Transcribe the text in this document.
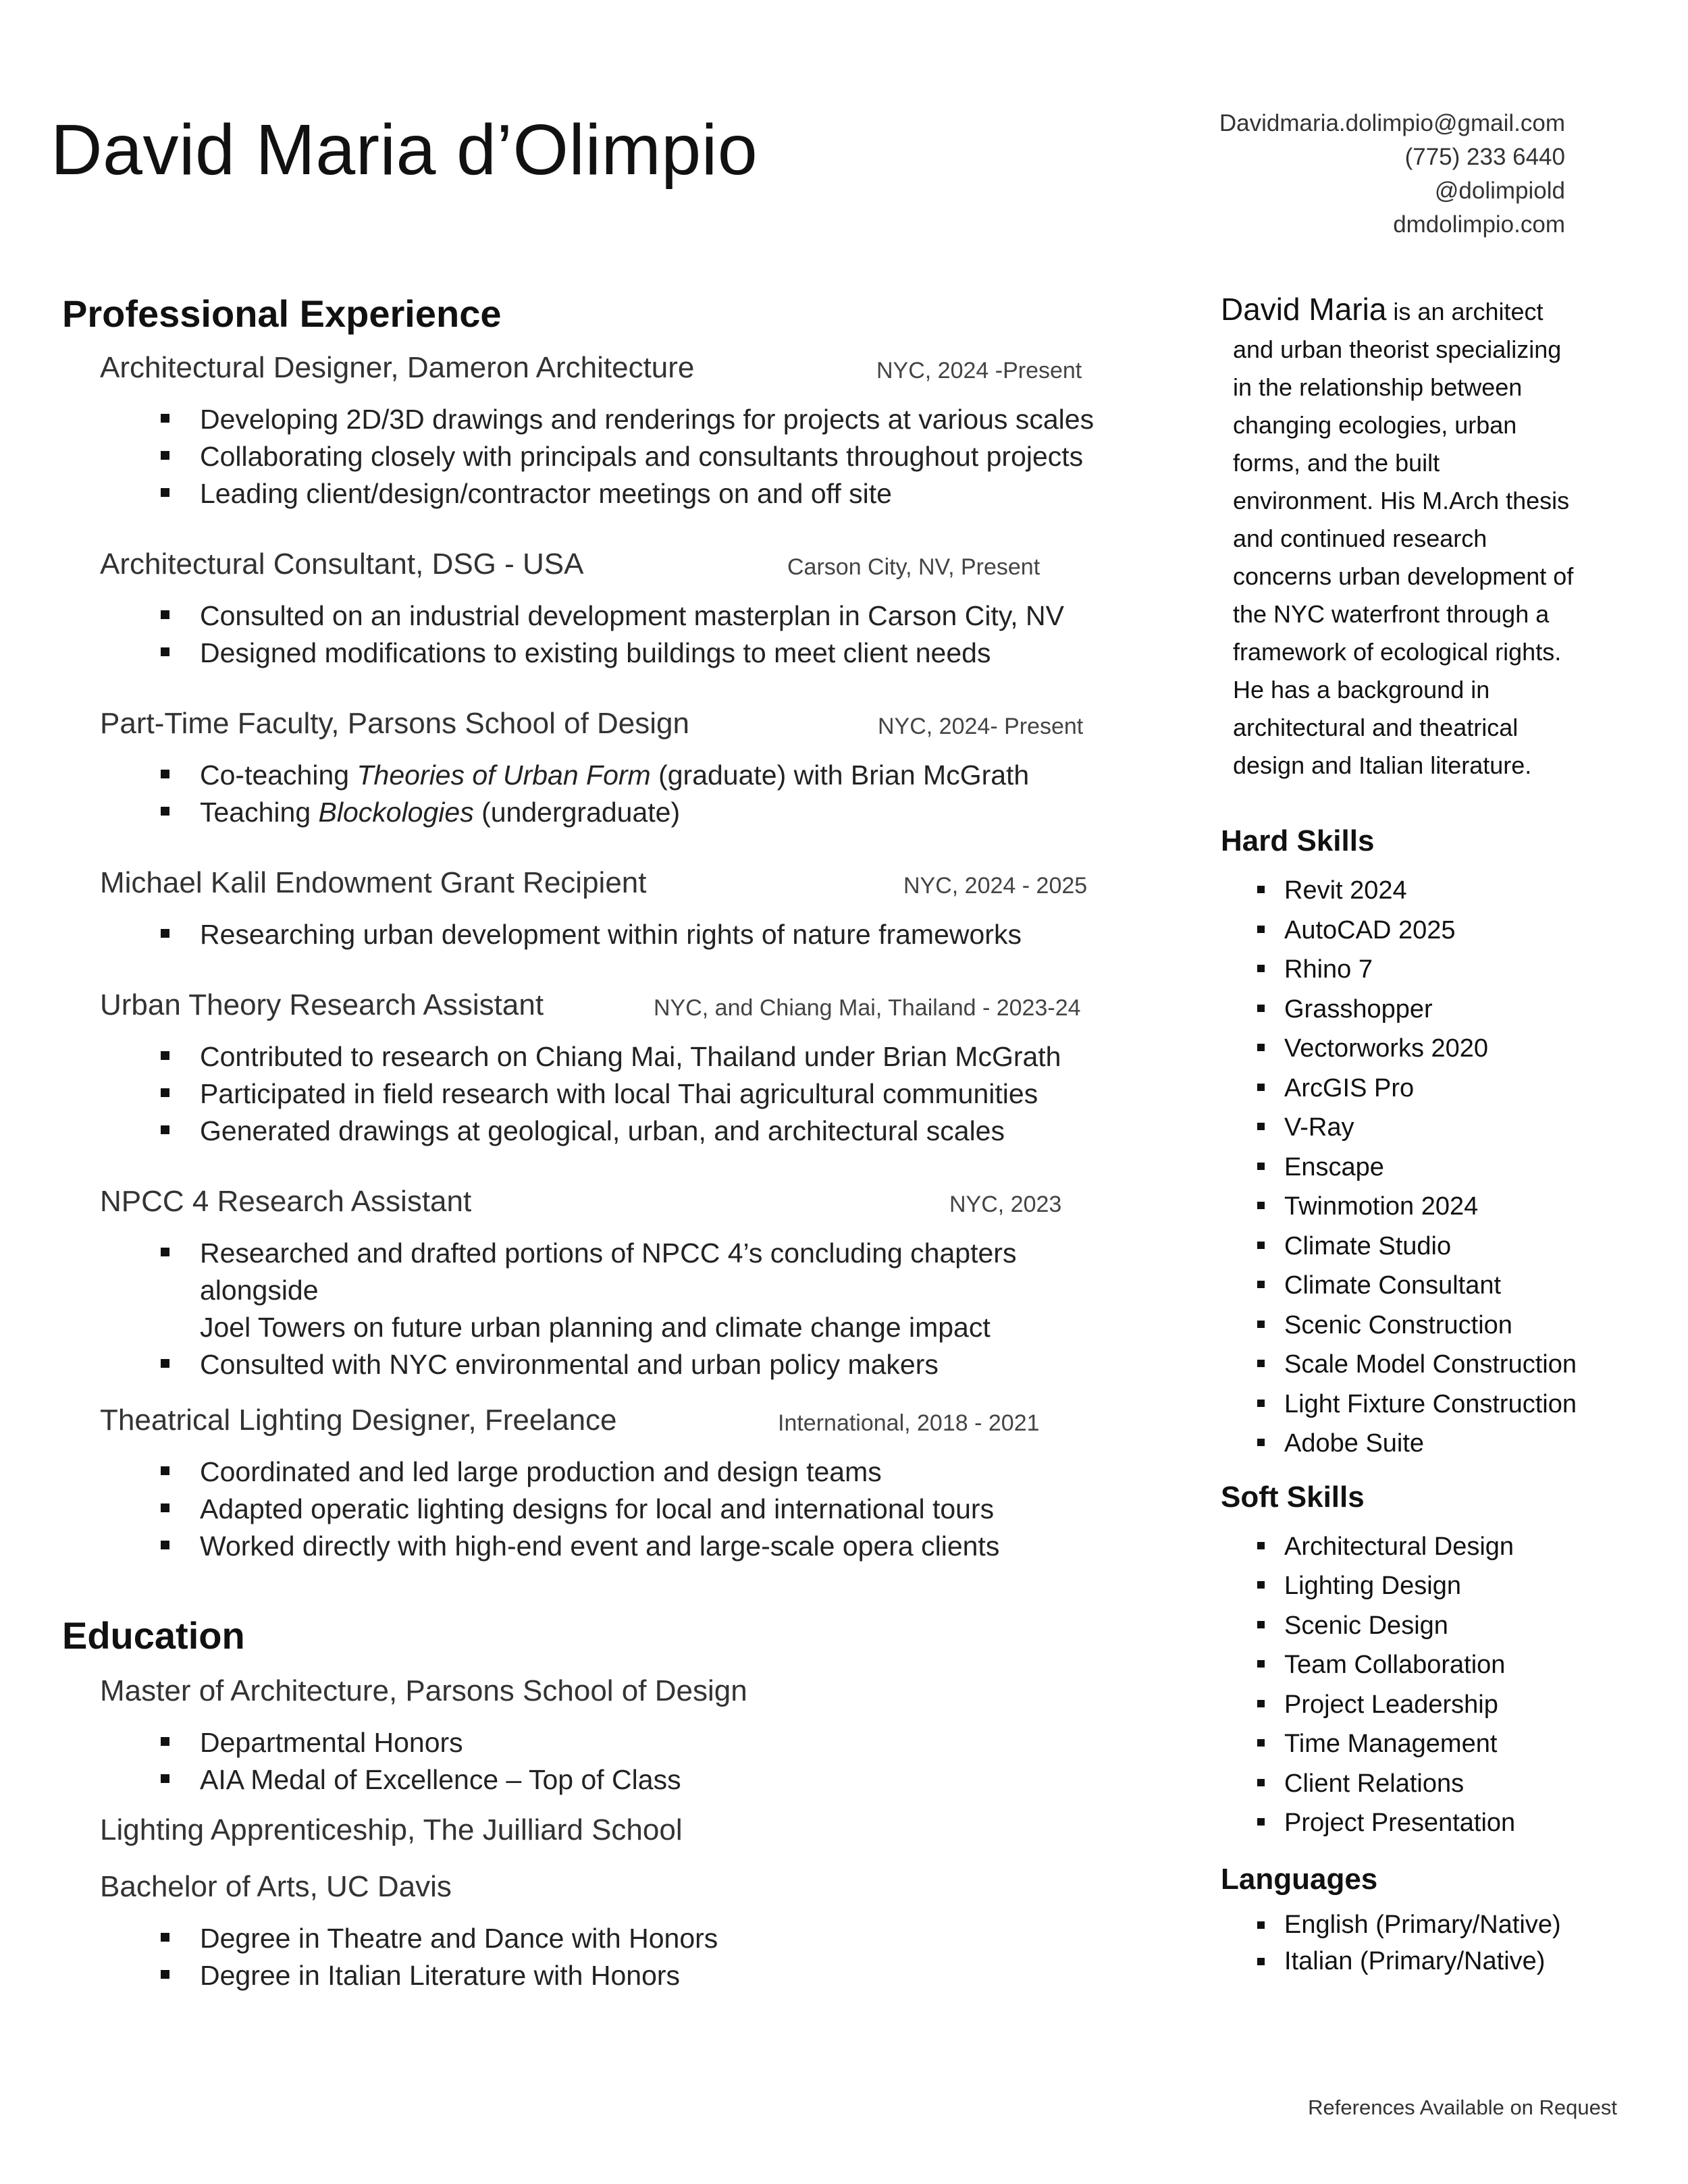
David Maria d’Olimpio	Davidmaria.dolimpio@gmail.com
(775) 233 6440
@dolimpiold
dmdolimpio.com
Professional Experience
Architectural Designer, Dameron Architecture	NYC, 2024 -Present
Developing 2D/3D drawings and renderings for projects at various scales
Collaborating closely with principals and consultants throughout projects
Leading client/design/contractor meetings on and off site
Architectural Consultant, DSG - USA	Carson City, NV, Present
Consulted on an industrial development masterplan in Carson City, NV
Designed modifications to existing buildings to meet client needs
Part-Time Faculty, Parsons School of Design	NYC, 2024- Present
Co-teaching Theories of Urban Form (graduate) with Brian McGrath
Teaching Blockologies (undergraduate)
Michael Kalil Endowment Grant Recipient	NYC, 2024 - 2025
Researching urban development within rights of nature frameworks
Urban Theory Research Assistant	NYC, and Chiang Mai, Thailand - 2023-24
Contributed to research on Chiang Mai, Thailand under Brian McGrath
Participated in field research with local Thai agricultural communities
Generated drawings at geological, urban, and architectural scales
NPCC 4 Research Assistant	NYC, 2023
Researched and drafted portions of NPCC 4’s concluding chapters alongside
Joel Towers on future urban planning and climate change impact
Consulted with NYC environmental and urban policy makers
Theatrical Lighting Designer, Freelance	International, 2018 - 2021
Coordinated and led large production and design teams
Adapted operatic lighting designs for local and international tours
Worked directly with high-end event and large-scale opera clients
Education
Master of Architecture, Parsons School of Design
Departmental Honors
AIA Medal of Excellence – Top of Class
Lighting Apprenticeship, The Juilliard School
Bachelor of Arts, UC Davis
Degree in Theatre and Dance with Honors
Degree in Italian Literature with Honors
David Maria is an architect
and urban theorist specializing
in the relationship between
changing ecologies, urban
forms, and the built
environment. His M.Arch thesis
and continued research
concerns urban development of
the NYC waterfront through a
framework of ecological rights.
He has a background in
architectural and theatrical
design and Italian literature.
Hard Skills
Revit 2024
AutoCAD 2025
Rhino 7
Grasshopper
Vectorworks 2020
ArcGIS Pro
V-Ray
Enscape
Twinmotion 2024
Climate Studio
Climate Consultant
Scenic Construction
Scale Model Construction
Light Fixture Construction
Adobe Suite
Soft Skills
Architectural Design
Lighting Design
Scenic Design
Team Collaboration
Project Leadership
Time Management
Client Relations
Project Presentation
Languages
English (Primary/Native)
Italian (Primary/Native)
References Available on Request
